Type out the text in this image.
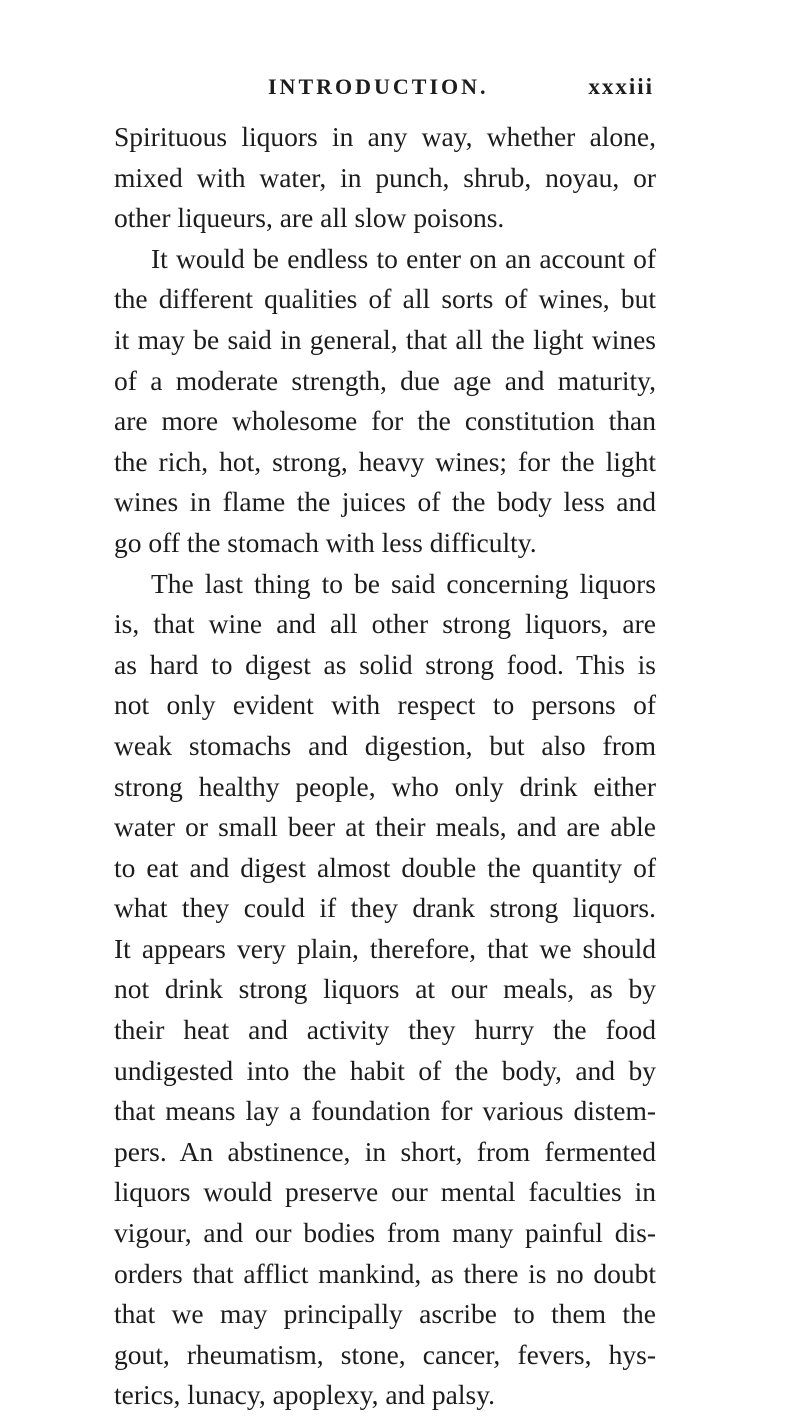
INTRODUCTION.	xxxiii
Spirituous liquors in any way, whether alone,
mixed with water, in punch, shrub, noyau, or
other liqueurs, are all slow poisons.
It would be endless to enter on an account of
the different qualities of all sorts of wines, but
it may be said in general, that all the light wines
of a moderate strength, due age and maturity,
are more wholesome for the constitution than
the rich, hot, strong, heavy wines; for the light
wines in flame the juices of the body less and
go off the stomach with less difficulty.
The last thing to be said concerning liquors
is, that wine and all other strong liquors, are
as hard to digest as solid strong food. This is
not only evident with respect to persons of
weak stomachs and digestion, but also from
strong healthy people, who only drink either
water or small beer at their meals, and are able
to eat and digest almost double the quantity of
what they could if they drank strong liquors.
It appears very plain, therefore, that we should
not drink strong liquors at our meals, as by
their heat and activity they hurry the food
undigested into the habit of the body, and by
that means lay a foundation for various distem-
pers. An abstinence, in short, from fermented
liquors would preserve our mental faculties in
vigour, and our bodies from many painful dis-
orders that afflict mankind, as there is no doubt
that we may principally ascribe to them the
gout, rheumatism, stone, cancer, fevers, hys-
terics, lunacy, apoplexy, and palsy.
